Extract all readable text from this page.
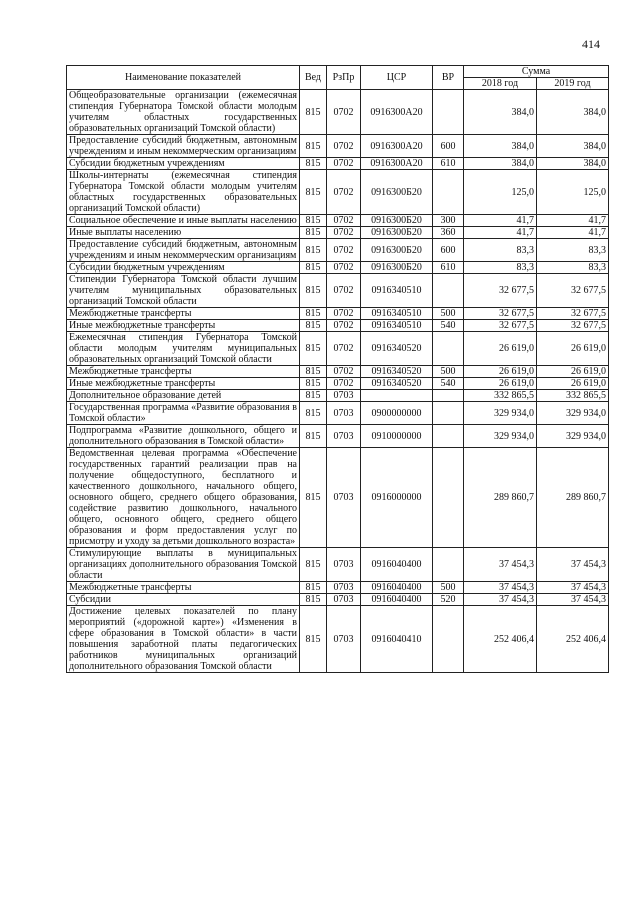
414
Наименование показателей	Вед	РзПр	ЦСР	ВР	Сумма	
					2018 год	2019 год
Общеобразовательные организации (ежемесячная стипендия Губернатора Томской области молодым учителям областных государственных образовательных организаций Томской области)	815	0702	0916300А20		384,0	384,0
Предоставление субсидий бюджетным, автономным учреждениям и иным некоммерческим организациям	815	0702	0916300А20	600	384,0	384,0
Субсидии бюджетным учреждениям	815	0702	0916300А20	610	384,0	384,0
Школы-интернаты (ежемесячная стипендия Губернатора Томской области молодым учителям областных государственных образовательных организаций Томской области)	815	0702	0916300Б20		125,0	125,0
Социальное обеспечение и иные выплаты населению	815	0702	0916300Б20	300	41,7	41,7
Иные выплаты населению	815	0702	0916300Б20	360	41,7	41,7
Предоставление субсидий бюджетным, автономным учреждениям и иным некоммерческим организациям	815	0702	0916300Б20	600	83,3	83,3
Субсидии бюджетным учреждениям	815	0702	0916300Б20	610	83,3	83,3
Стипендии Губернатора Томской области лучшим учителям муниципальных образовательных организаций Томской области	815	0702	0916340510		32 677,5	32 677,5
Межбюджетные трансферты	815	0702	0916340510	500	32 677,5	32 677,5
Иные межбюджетные трансферты	815	0702	0916340510	540	32 677,5	32 677,5
Ежемесячная стипендия Губернатора Томской области молодым учителям муниципальных образовательных организаций Томской области	815	0702	0916340520		26 619,0	26 619,0
Межбюджетные трансферты	815	0702	0916340520	500	26 619,0	26 619,0
Иные межбюджетные трансферты	815	0702	0916340520	540	26 619,0	26 619,0
Дополнительное образование детей	815	0703			332 865,5	332 865,5
Государственная программа «Развитие образования в Томской области»	815	0703	0900000000		329 934,0	329 934,0
Подпрограмма «Развитие дошкольного, общего и дополнительного образования в Томской области»	815	0703	0910000000		329 934,0	329 934,0
Ведомственная целевая программа «Обеспечение государственных гарантий реализации прав на получение общедоступного, бесплатного и качественного дошкольного, начального общего, основного общего, среднего общего образования, содействие развитию дошкольного, начального общего, основного общего, среднего общего образования и форм предоставления услуг по присмотру и уходу за детьми дошкольного возраста»	815	0703	0916000000		289 860,7	289 860,7
Стимулирующие выплаты в муниципальных организациях дополнительного образования Томской области	815	0703	0916040400		37 454,3	37 454,3
Межбюджетные трансферты	815	0703	0916040400	500	37 454,3	37 454,3
Субсидии	815	0703	0916040400	520	37 454,3	37 454,3
Достижение целевых показателей по плану мероприятий («дорожной карте») «Изменения в сфере образования в Томской области» в части повышения заработной платы педагогических работников муниципальных организаций дополнительного образования Томской области	815	0703	0916040410		252 406,4	252 406,4
